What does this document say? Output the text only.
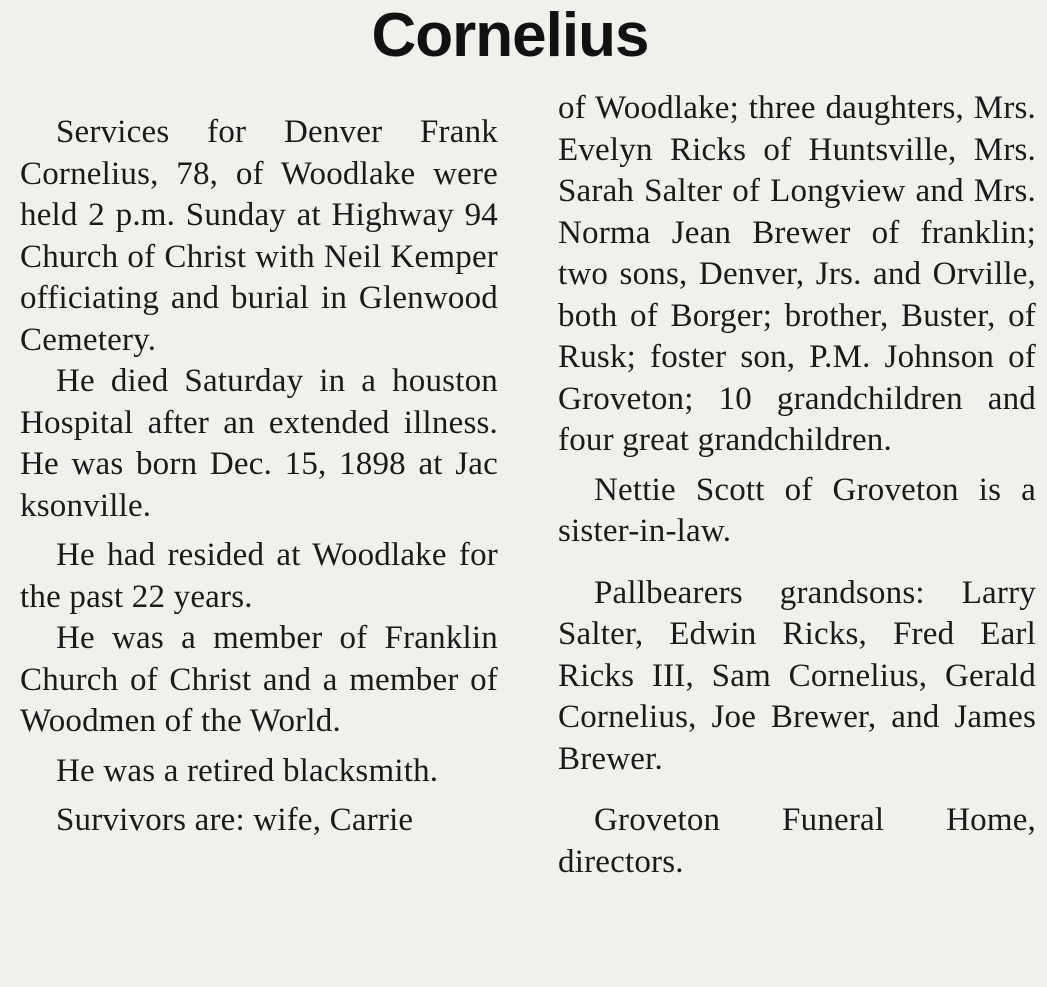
Cornelius

Services for Denver Frank Cornelius, 78, of Woodlake were held 2 p.m. Sunday at Highway 94 Church of Christ with Neil Kemper officiating and burial in Glenwood Cemetery.

He died Saturday in a houston Hospital after an extended illness. He was born Dec. 15, 1898 at Jac ksonville.

He had resided at Woodlake for the past 22 years.

He was a member of Franklin Church of Christ and a member of Woodmen of the World.

He was a retired blacksmith.

Survivors are: wife, Carrie

of Woodlake; three daughters, Mrs. Evelyn Ricks of Huntsville, Mrs. Sarah Salter of Longview and Mrs. Norma Jean Brewer of franklin; two sons, Denver, Jrs. and Orville, both of Borger; brother, Buster, of Rusk; foster son, P.M. Johnson of Groveton; 10 grandchildren and four great grandchildren.

Nettie Scott of Groveton is a sister-in-law.

Pallbearers grandsons: Larry Salter, Edwin Ricks, Fred Earl Ricks III, Sam Cornelius, Gerald Cornelius, Joe Brewer, and James Brewer.

Groveton Funeral Home, directors.
